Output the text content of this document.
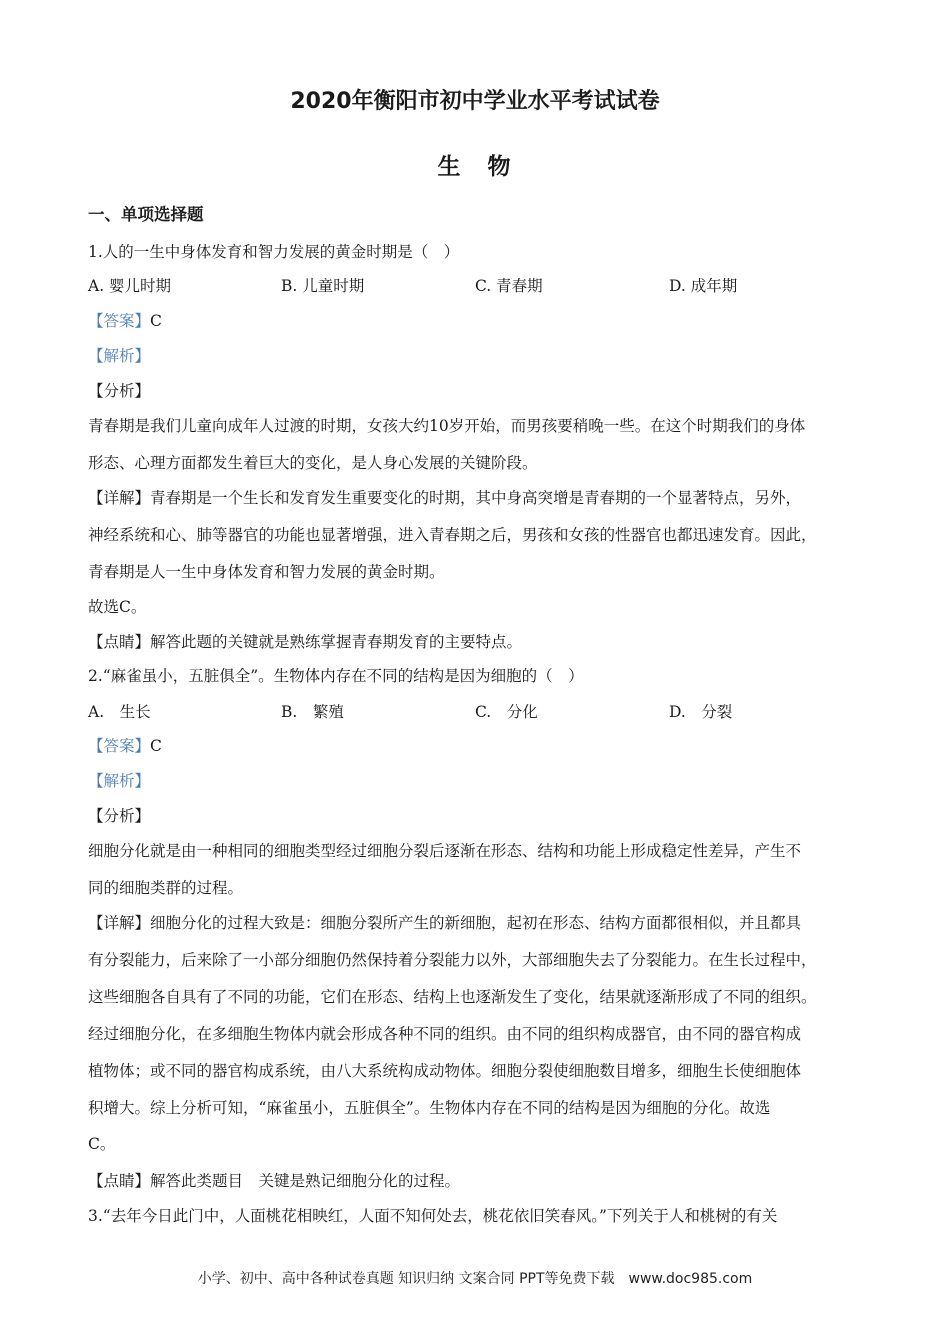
2020年衡阳市初中学业水平考试试卷
生　物
一、单项选择题
1.人的一生中身体发育和智力发展的黄金时期是（　）
A. 婴儿时期	B. 儿童时期	C. 青春期	D. 成年期
【答案】C
【解析】
【分析】
青春期是我们儿童向成年人过渡的时期，女孩大约10岁开始，而男孩要稍晚一些。在这个时期我们的身体
形态、心理方面都发生着巨大的变化，是人身心发展的关键阶段。
【详解】青春期是一个生长和发育发生重要变化的时期，其中身高突增是青春期的一个显著特点，另外，
神经系统和心、肺等器官的功能也显著增强，进入青春期之后，男孩和女孩的性器官也都迅速发育。因此，
青春期是人一生中身体发育和智力发展的黄金时期。
故选C。
【点睛】解答此题的关键就是熟练掌握青春期发育的主要特点。
2.“麻雀虽小，五脏俱全”。生物体内存在不同的结构是因为细胞的（　）
A.　生长	B.　繁殖	C.　分化	D.　分裂
【答案】C
【解析】
【分析】
细胞分化就是由一种相同的细胞类型经过细胞分裂后逐渐在形态、结构和功能上形成稳定性差异，产生不
同的细胞类群的过程。
【详解】细胞分化的过程大致是：细胞分裂所产生的新细胞，起初在形态、结构方面都很相似，并且都具
有分裂能力，后来除了一小部分细胞仍然保持着分裂能力以外，大部细胞失去了分裂能力。在生长过程中，
这些细胞各自具有了不同的功能，它们在形态、结构上也逐渐发生了变化，结果就逐渐形成了不同的组织。
经过细胞分化，在多细胞生物体内就会形成各种不同的组织。由不同的组织构成器官，由不同的器官构成
植物体；或不同的器官构成系统，由八大系统构成动物体。细胞分裂使细胞数目增多，细胞生长使细胞体
积增大。综上分析可知，“麻雀虽小，五脏俱全”。生物体内存在不同的结构是因为细胞的分化。故选
C。
【点睛】解答此类题目　关键是熟记细胞分化的过程。
3.“去年今日此门中，人面桃花相映红，人面不知何处去，桃花依旧笑春风。”下列关于人和桃树的有关
小学、初中、高中各种试卷真题 知识归纳 文案合同 PPT等免费下载　www.doc985.com
